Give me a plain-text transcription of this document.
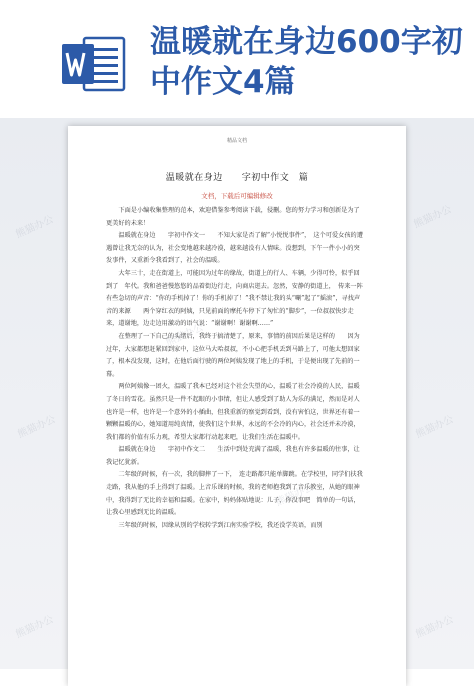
温暖就在身边600字初中作文4篇
熊猫办公	熊猫办公
熊猫办公	熊猫办公
熊猫办公	熊猫办公
精品文档
温暖就在身边　　字初中作文　篇
文档，下载后可编辑修改

下面是小编收集整理的范本，欢迎借鉴参考阅读下载，侵删。您的努力学习和创新是为了更美好的未来！

温暖就在身边　　字初中作文一　　不知大家是否了解“小悦悦事件”，　这个可爱女孩的遭遇曾让我无奈的认为，社会变地越来越冷漠，越来越没有人情味。没想到，下午一件小小的突发事件，又重新令我看到了，社会的温暖。

大年三十，走在街道上，可能因为过年的缘故，街道上的行人、车辆，少得可怜，似乎回到了　年代。我和爸爸慢悠悠的品着街边行走，向商店逛去。忽然，安静的街道上，　传来一阵有些急切的声音：“你的手机掉了！你的手机掉了！”我不禁让我的头“唰”起了“摇滚”，寻找声音的来源　　两个穿红衣的阿姨，只见前面的摩托车停下了匆忙的“脚步”，一位叔叔快步走来，道谢地，边走边用激动的语气说：“谢谢啊！谢谢啊……”

在整理了一下自己的头绪后，我终于搞清楚了，原来，事情的前因后果是这样的　　因为过年，大家都想赶紧回到家中，这位马大哈叔叔，不小心把手机丢到马路上了，可他太想回家了，根本没发现，这时，在他后面行驶的两位阿姨发现了地上的手机，于是便出现了先前的一幕。

两位阿姨像一团火，温暖了我本已经对这个社会失望的心，温暖了社会冷漠的人民，温暖了冬日的雪花。虽然只是一件不起眼的小事情，但让人感受到了助人为乐的满足，然而是对人也许是一样，也许是一个意外的小插曲，但我重新的察觉到看到，没有害怕这，世界还有着一颗颗温暖的心，她知道用纯真情，使我们这个世界，永远的不会冷的内心，社会还并未冷漠，我们都的价值有乐力观，希望大家都行动起来吧，让我们生活在温暖中。

温暖就在身边　　字初中作文二　　生活中到处充满了温暖，我也有许多温暖的往事，让我记忆犹新。

二年级的时候，有一次，我的脚摔了一下，　连走路都只能单脚跳。在学校里，同学们扶我走路，我从他的手上得到了温暖。上音乐课的时候，我的老师抱我到了音乐教室，从她的眼神中，我得到了无比的幸福和温暖。在家中，妈妈体贴地说：儿子，你没事吧　简单的一句话，让我心里感到无比的温暖。

三年级的时候，因缘从别的学校转学到江南实验学校，我还没学英语，而别

熊猫办公
熊猫办公
